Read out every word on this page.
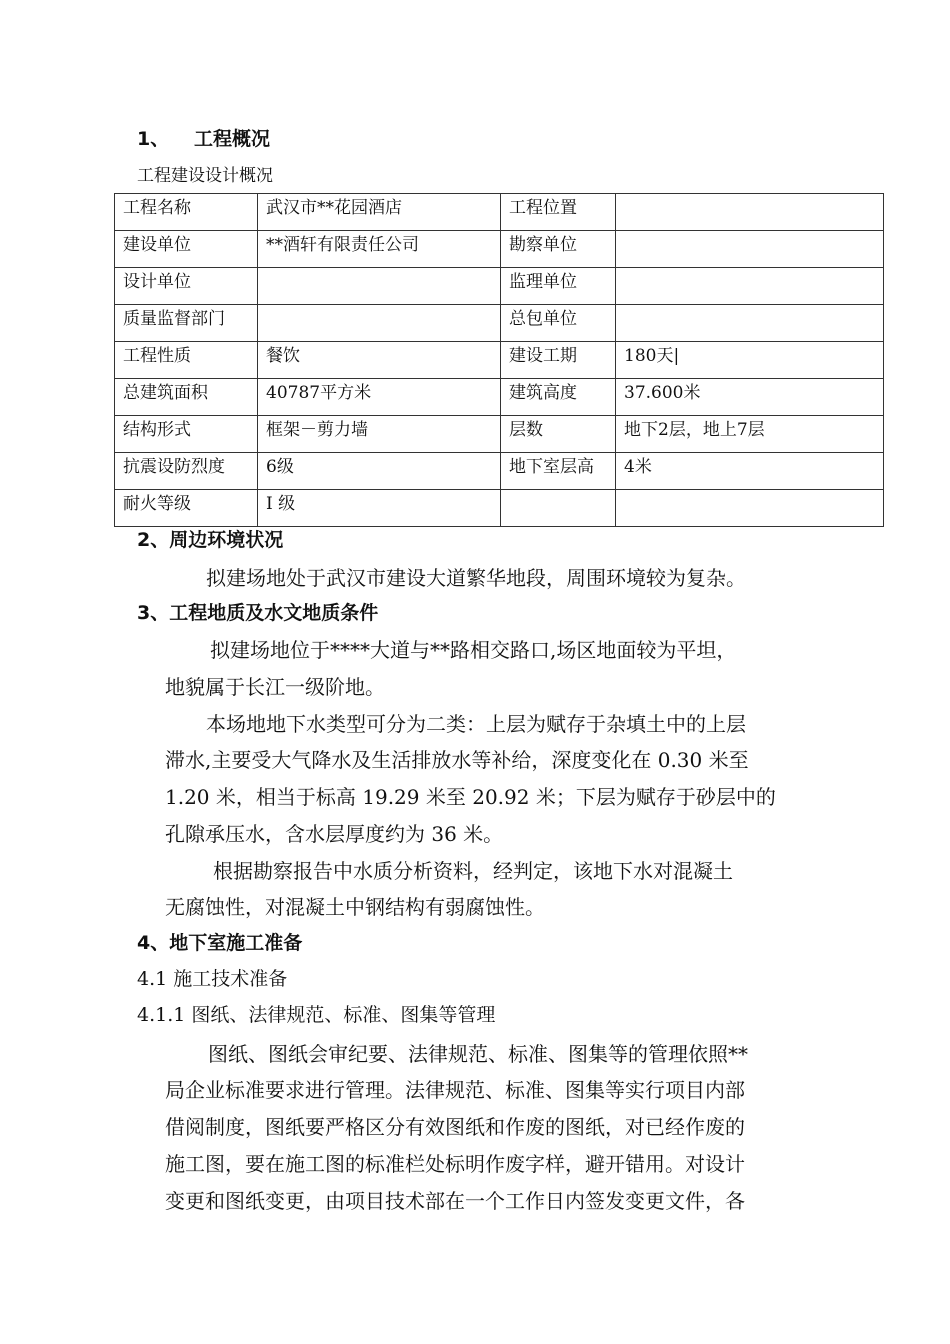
1、 工程概况
工程建设设计概况
工程名称	武汉市**花园酒店	工程位置	
建设单位	**酒轩有限责任公司	勘察单位	
设计单位		监理单位	
质量监督部门		总包单位	
工程性质	餐饮	建设工期	180天|
总建筑面积	40787平方米	建筑高度	37.600米
结构形式	框架－剪力墙	层数	地下2层，地上7层
抗震设防烈度	6级	地下室层高	4米
耐火等级	Ⅰ 级		
2、周边环境状况
拟建场地处于武汉市建设大道繁华地段，周围环境较为复杂。
3、工程地质及水文地质条件
拟建场地位于****大道与**路相交路口,场区地面较为平坦，
地貌属于长江一级阶地。
本场地地下水类型可分为二类：上层为赋存于杂填土中的上层
滞水,主要受大气降水及生活排放水等补给，深度变化在 0.30 米至
1.20 米，相当于标高 19.29 米至 20.92 米；下层为赋存于砂层中的
孔隙承压水，含水层厚度约为 36 米。
根据勘察报告中水质分析资料，经判定，该地下水对混凝土
无腐蚀性，对混凝土中钢结构有弱腐蚀性。
4、地下室施工准备
4.1 施工技术准备
4.1.1 图纸、法律规范、标准、图集等管理
图纸、图纸会审纪要、法律规范、标准、图集等的管理依照**
局企业标准要求进行管理。法律规范、标准、图集等实行项目内部
借阅制度，图纸要严格区分有效图纸和作废的图纸，对已经作废的
施工图，要在施工图的标准栏处标明作废字样，避开错用。对设计
变更和图纸变更，由项目技术部在一个工作日内签发变更文件，各
